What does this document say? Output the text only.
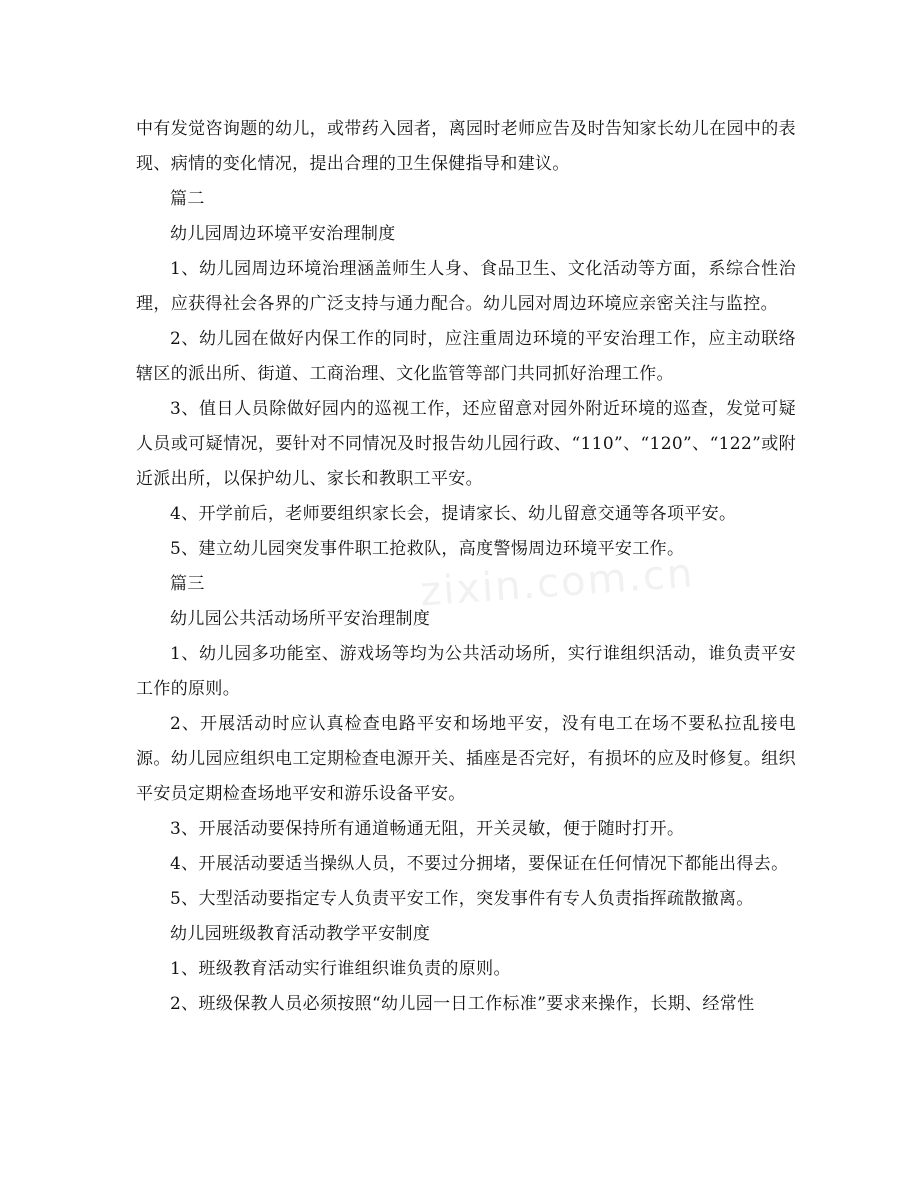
中有发觉咨询题的幼儿，或带药入园者，离园时老师应告及时告知家长幼儿在园中的表现、病情的变化情况，提出合理的卫生保健指导和建议。

篇二

幼儿园周边环境平安治理制度

1、幼儿园周边环境治理涵盖师生人身、食品卫生、文化活动等方面，系综合性治理，应获得社会各界的广泛支持与通力配合。幼儿园对周边环境应亲密关注与监控。

2、幼儿园在做好内保工作的同时，应注重周边环境的平安治理工作，应主动联络辖区的派出所、街道、工商治理、文化监管等部门共同抓好治理工作。

3、值日人员除做好园内的巡视工作，还应留意对园外附近环境的巡查，发觉可疑人员或可疑情况，要针对不同情况及时报告幼儿园行政、“110”、“120”、“122”或附近派出所，以保护幼儿、家长和教职工平安。

4、开学前后，老师要组织家长会，提请家长、幼儿留意交通等各项平安。

5、建立幼儿园突发事件职工抢救队，高度警惕周边环境平安工作。

篇三

幼儿园公共活动场所平安治理制度

1、幼儿园多功能室、游戏场等均为公共活动场所，实行谁组织活动，谁负责平安工作的原则。

2、开展活动时应认真检查电路平安和场地平安，没有电工在场不要私拉乱接电源。幼儿园应组织电工定期检查电源开关、插座是否完好，有损坏的应及时修复。组织平安员定期检查场地平安和游乐设备平安。

3、开展活动要保持所有通道畅通无阻，开关灵敏，便于随时打开。

4、开展活动要适当操纵人员，不要过分拥堵，要保证在任何情况下都能出得去。

5、大型活动要指定专人负责平安工作，突发事件有专人负责指挥疏散撤离。

幼儿园班级教育活动教学平安制度

1、班级教育活动实行谁组织谁负责的原则。

2、班级保教人员必须按照“幼儿园一日工作标准”要求来操作，长期、经常性

zixin.com.cn
